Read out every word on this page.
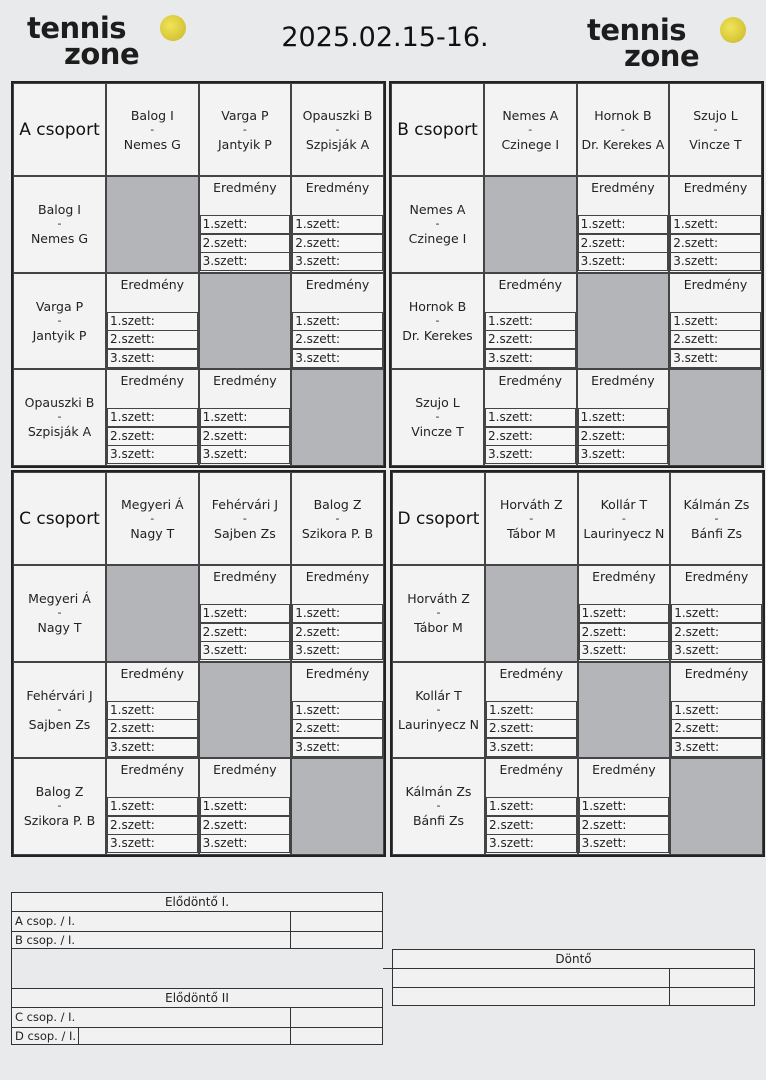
tennis
zone	2025.02.15-16.	tennis
zone
A csoport
Balog I
-
Nemes G
Varga P
-
Jantyik P
Opauszki B
-
Szpisják A
Balog I
-
Nemes G
Eredmény
1.szett:
2.szett:
3.szett:
Eredmény
1.szett:
2.szett:
3.szett:
Varga P
-
Jantyik P
Eredmény
1.szett:
2.szett:
3.szett:
Eredmény
1.szett:
2.szett:
3.szett:
Opauszki B
-
Szpisják A
Eredmény
1.szett:
2.szett:
3.szett:
Eredmény
1.szett:
2.szett:
3.szett:
B csoport
Nemes A
-
Czinege I
Hornok B
-
Dr. Kerekes A
Szujo L
-
Vincze T
Nemes A
-
Czinege I
Eredmény
1.szett:
2.szett:
3.szett:
Eredmény
1.szett:
2.szett:
3.szett:
Hornok B
-
Dr. Kerekes
Eredmény
1.szett:
2.szett:
3.szett:
Eredmény
1.szett:
2.szett:
3.szett:
Szujo L
-
Vincze T
Eredmény
1.szett:
2.szett:
3.szett:
Eredmény
1.szett:
2.szett:
3.szett:
C csoport
Megyeri Á
-
Nagy T
Fehérvári J
-
Sajben Zs
Balog Z
-
Szikora P. B
Megyeri Á
-
Nagy T
Eredmény
1.szett:
2.szett:
3.szett:
Eredmény
1.szett:
2.szett:
3.szett:
Fehérvári J
-
Sajben Zs
Eredmény
1.szett:
2.szett:
3.szett:
Eredmény
1.szett:
2.szett:
3.szett:
Balog Z
-
Szikora P. B
Eredmény
1.szett:
2.szett:
3.szett:
Eredmény
1.szett:
2.szett:
3.szett:
D csoport
Horváth Z
-
Tábor M
Kollár T
-
Laurinyecz N
Kálmán Zs
-
Bánfi Zs
Horváth Z
-
Tábor M
Eredmény
1.szett:
2.szett:
3.szett:
Eredmény
1.szett:
2.szett:
3.szett:
Kollár T
-
Laurinyecz N
Eredmény
1.szett:
2.szett:
3.szett:
Eredmény
1.szett:
2.szett:
3.szett:
Kálmán Zs
-
Bánfi Zs
Eredmény
1.szett:
2.szett:
3.szett:
Eredmény
1.szett:
2.szett:
3.szett:
Elődöntő I.
A csop. / I.
B csop. / I.
Elődöntő II
C csop. / I.
D csop. / I.
Döntő
